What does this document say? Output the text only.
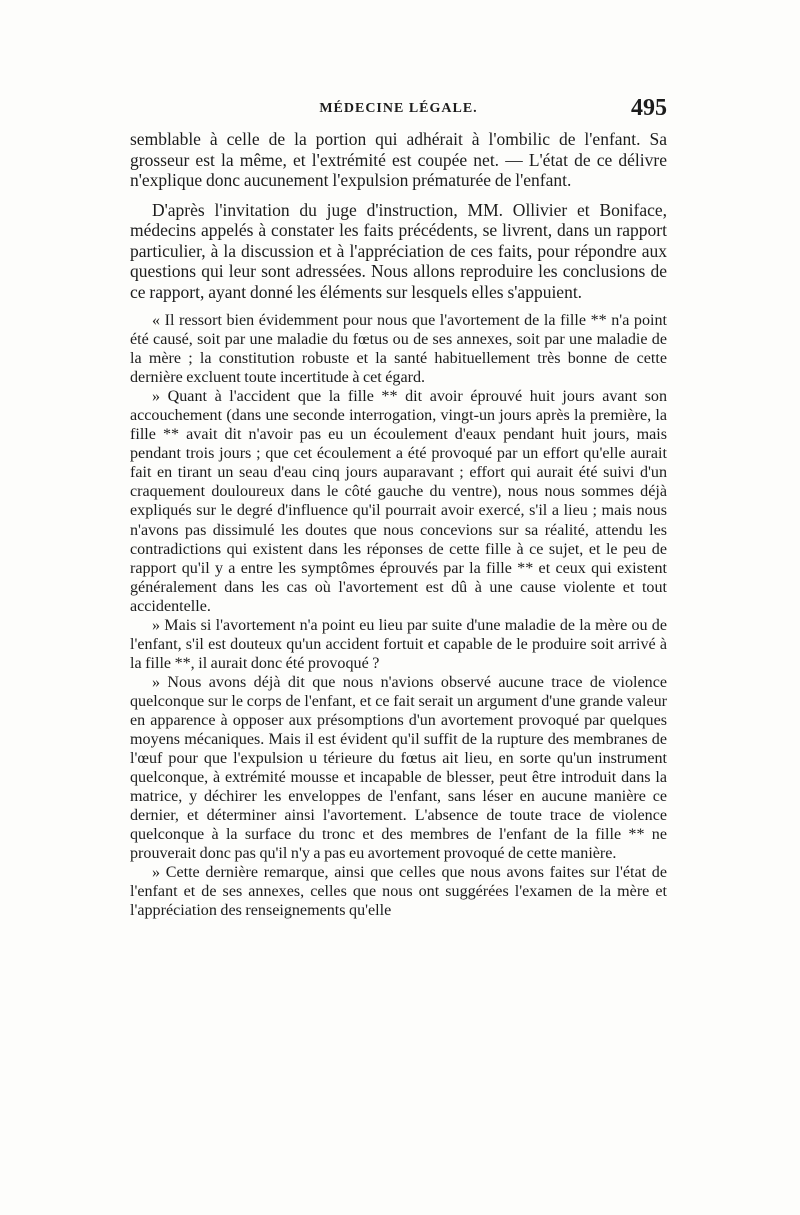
MÉDECINE LÉGALE.	495

semblable à celle de la portion qui adhérait à l'ombilic de l'enfant. Sa grosseur est la même, et l'extrémité est coupée net. — L'état de ce délivre n'explique donc aucunement l'expulsion prématurée de l'enfant.

D'après l'invitation du juge d'instruction, MM. Ollivier et Boniface, médecins appelés à constater les faits précédents, se livrent, dans un rapport particulier, à la discussion et à l'appréciation de ces faits, pour répondre aux questions qui leur sont adressées. Nous allons reproduire les conclusions de ce rapport, ayant donné les éléments sur lesquels elles s'appuient.

« Il ressort bien évidemment pour nous que l'avortement de la fille ** n'a point été causé, soit par une maladie du fœtus ou de ses annexes, soit par une maladie de la mère ; la constitution robuste et la santé habituellement très bonne de cette dernière excluent toute incertitude à cet égard.

» Quant à l'accident que la fille ** dit avoir éprouvé huit jours avant son accouchement (dans une seconde interrogation, vingt-un jours après la première, la fille ** avait dit n'avoir pas eu un écoulement d'eaux pendant huit jours, mais pendant trois jours ; que cet écoulement a été provoqué par un effort qu'elle aurait fait en tirant un seau d'eau cinq jours auparavant ; effort qui aurait été suivi d'un craquement douloureux dans le côté gauche du ventre), nous nous sommes déjà expliqués sur le degré d'influence qu'il pourrait avoir exercé, s'il a lieu ; mais nous n'avons pas dissimulé les doutes que nous concevions sur sa réalité, attendu les contradictions qui existent dans les réponses de cette fille à ce sujet, et le peu de rapport qu'il y a entre les symptômes éprouvés par la fille ** et ceux qui existent généralement dans les cas où l'avortement est dû à une cause violente et tout accidentelle.

» Mais si l'avortement n'a point eu lieu par suite d'une maladie de la mère ou de l'enfant, s'il est douteux qu'un accident fortuit et capable de le produire soit arrivé à la fille **, il aurait donc été provoqué ?

» Nous avons déjà dit que nous n'avions observé aucune trace de violence quelconque sur le corps de l'enfant, et ce fait serait un argument d'une grande valeur en apparence à opposer aux présomptions d'un avortement provoqué par quelques moyens mécaniques. Mais il est évident qu'il suffit de la rupture des membranes de l'œuf pour que l'expulsion u térieure du fœtus ait lieu, en sorte qu'un instrument quelconque, à extrémité mousse et incapable de blesser, peut être introduit dans la matrice, y déchirer les enveloppes de l'enfant, sans léser en aucune manière ce dernier, et déterminer ainsi l'avortement. L'absence de toute trace de violence quelconque à la surface du tronc et des membres de l'enfant de la fille ** ne prouverait donc pas qu'il n'y a pas eu avortement provoqué de cette manière.

» Cette dernière remarque, ainsi que celles que nous avons faites sur l'état de l'enfant et de ses annexes, celles que nous ont suggérées l'examen de la mère et l'appréciation des renseignements qu'elle
